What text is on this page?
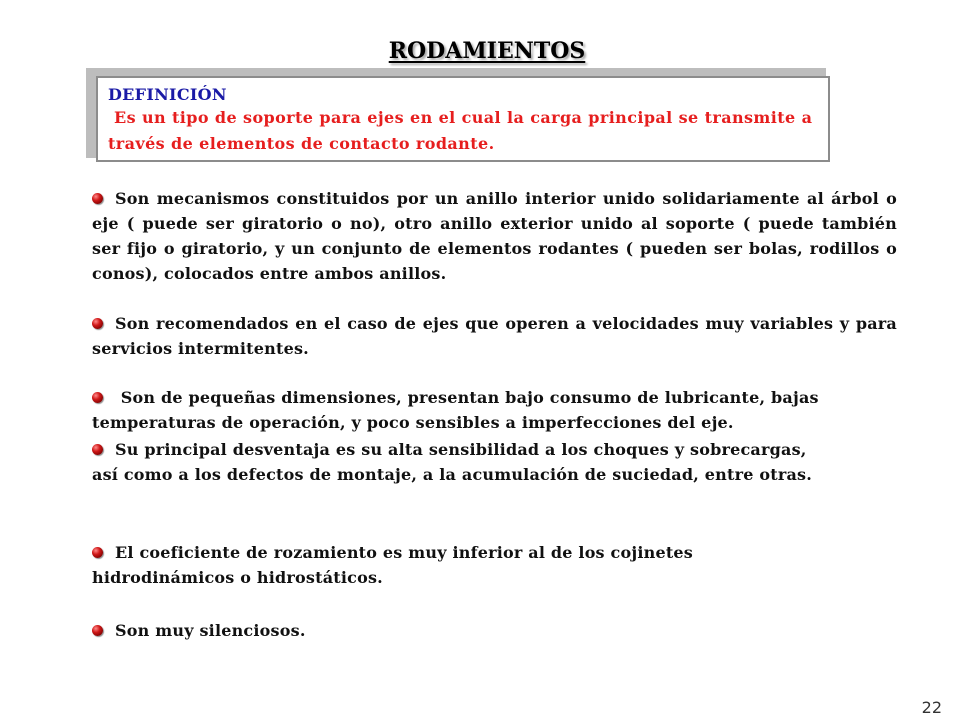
RODAMIENTOS
DEFINICIÓN
Es un tipo de soporte para ejes en el cual la carga principal se transmite a través de elementos de contacto rodante.
Son mecanismos constituidos por un anillo interior unido solidariamente al árbol o eje ( puede ser giratorio o no), otro anillo exterior unido al soporte ( puede también ser fijo o giratorio, y un conjunto de elementos rodantes ( pueden ser bolas, rodillos o conos), colocados entre ambos anillos.
Son recomendados en el caso de ejes que operen a velocidades muy variables y para servicios intermitentes.
Son de pequeñas dimensiones, presentan bajo consumo de lubricante, bajas temperaturas de operación, y poco sensibles a imperfecciones del eje.
Su principal desventaja es su alta sensibilidad a los choques y sobrecargas, así como a los defectos de montaje, a la acumulación de suciedad, entre otras.
El coeficiente de rozamiento es muy inferior al de los cojinetes hidrodinámicos o hidrostáticos.
Son muy silenciosos.
22
